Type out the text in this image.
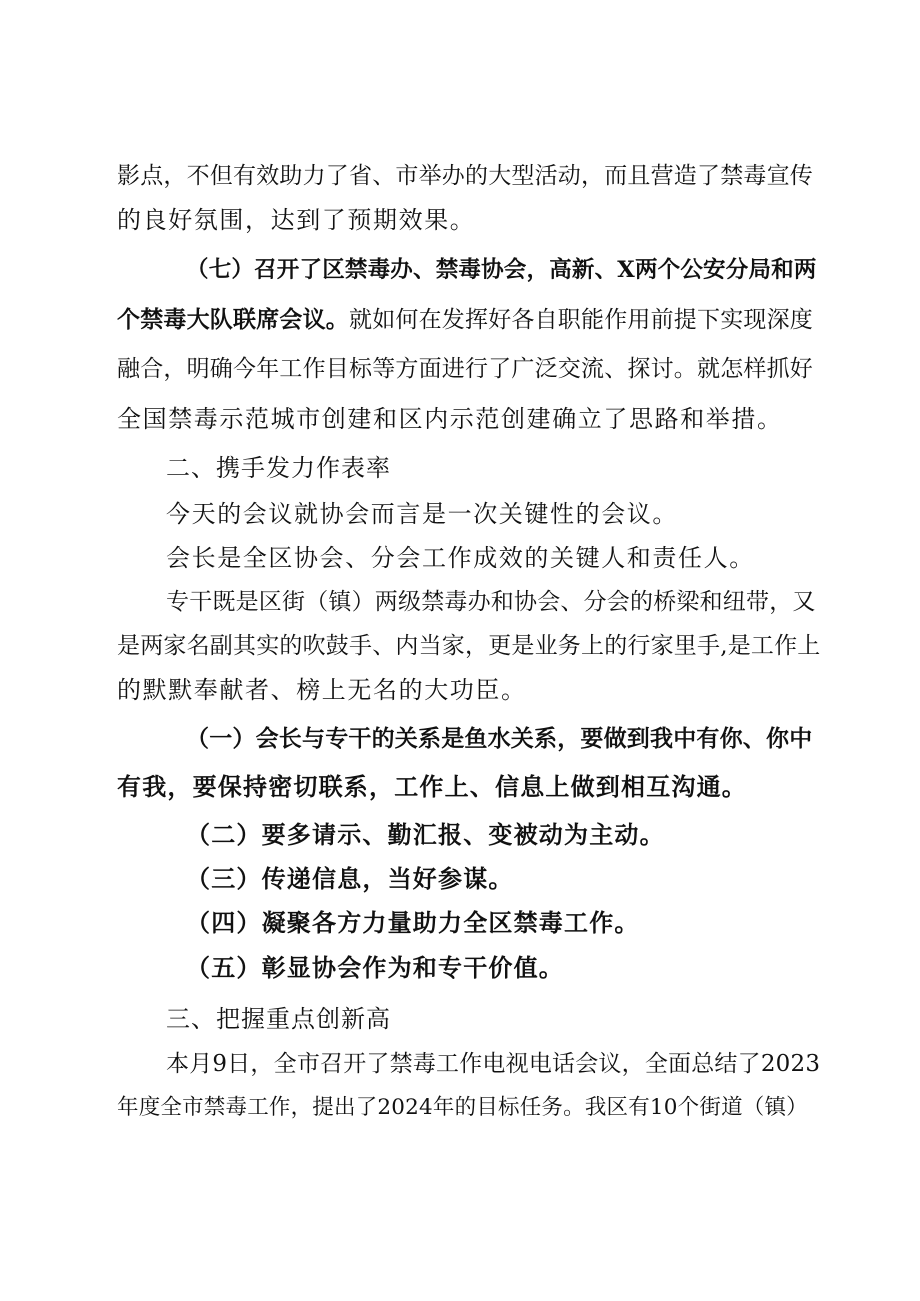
影点，不但有效助力了省、市举办的大型活动，而且营造了禁毒宣传
的良好氛围，达到了预期效果。
（七）召开了区禁毒办、禁毒协会，高新、X两个公安分局和两
个禁毒大队联席会议。就如何在发挥好各自职能作用前提下实现深度
融合，明确今年工作目标等方面进行了广泛交流、探讨。就怎样抓好
全国禁毒示范城市创建和区内示范创建确立了思路和举措。
二、携手发力作表率
今天的会议就协会而言是一次关键性的会议。
会长是全区协会、分会工作成效的关键人和责任人。
专干既是区街（镇）两级禁毒办和协会、分会的桥梁和纽带，又
是两家名副其实的吹鼓手、内当家，更是业务上的行家里手,是工作上
的默默奉献者、榜上无名的大功臣。
（一）会长与专干的关系是鱼水关系，要做到我中有你、你中
有我，要保持密切联系，工作上、信息上做到相互沟通。
（二）要多请示、勤汇报、变被动为主动。
（三）传递信息，当好参谋。
（四）凝聚各方力量助力全区禁毒工作。
（五）彰显协会作为和专干价值。
三、把握重点创新高
本月9日，全市召开了禁毒工作电视电话会议，全面总结了2023
年度全市禁毒工作，提出了2024年的目标任务。我区有10个街道（镇）
